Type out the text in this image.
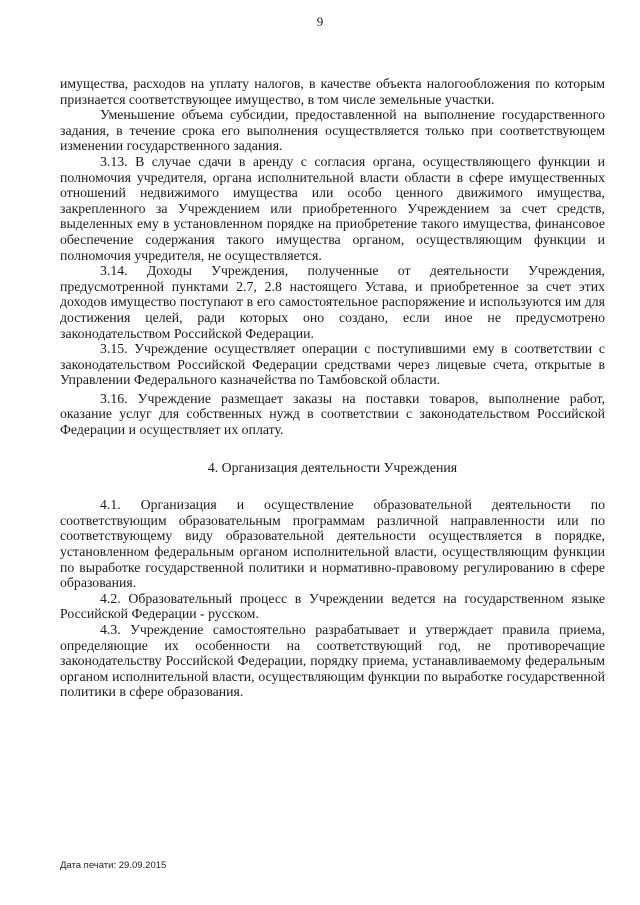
9

имущества, расходов на уплату налогов, в качестве объекта налогообложения по которым признается соответствующее имущество, в том числе земельные участки.

Уменьшение объема субсидии, предоставленной на выполнение государственного задания, в течение срока его выполнения осуществляется только при соответствующем изменении государственного задания.

3.13. В случае сдачи в аренду с согласия органа, осуществляющего функции и полномочия учредителя, органа исполнительной власти области в сфере имущественных отношений недвижимого имущества или особо ценного движимого имущества, закрепленного за Учреждением или приобретенного Учреждением за счет средств, выделенных ему в установленном порядке на приобретение такого имущества, финансовое обеспечение содержания такого имущества органом, осуществляющим функции и полномочия учредителя, не осуществляется.

3.14. Доходы Учреждения, полученные от деятельности Учреждения, предусмотренной пунктами 2.7, 2.8 настоящего Устава, и приобретенное за счет этих доходов имущество поступают в его самостоятельное распоряжение и используются им для достижения целей, ради которых оно создано, если иное не предусмотрено законодательством Российской Федерации.

3.15. Учреждение осуществляет операции с поступившими ему в соответствии с законодательством Российской Федерации средствами через лицевые счета, открытые в Управлении Федерального казначейства по Тамбовской области.

3.16. Учреждение размещает заказы на поставки товаров, выполнение работ, оказание услуг для собственных нужд в соответствии с законодательством Российской Федерации и осуществляет их оплату.

4. Организация деятельности Учреждения

4.1. Организация и осуществление образовательной деятельности по соответствующим образовательным программам различной направленности или по соответствующему виду образовательной деятельности осуществляется в порядке, установленном федеральным органом исполнительной власти, осуществляющим функции по выработке государственной политики и нормативно-правовому регулированию в сфере образования.

4.2. Образовательный процесс в Учреждении ведется на государственном языке Российской Федерации - русском.

4.3. Учреждение самостоятельно разрабатывает и утверждает правила приема, определяющие их особенности на соответствующий год, не противоречащие законодательству Российской Федерации, порядку приема, устанавливаемому федеральным органом исполнительной власти, осуществляющим функции по выработке государственной политики в сфере образования.

Дата печати: 29.09.2015
